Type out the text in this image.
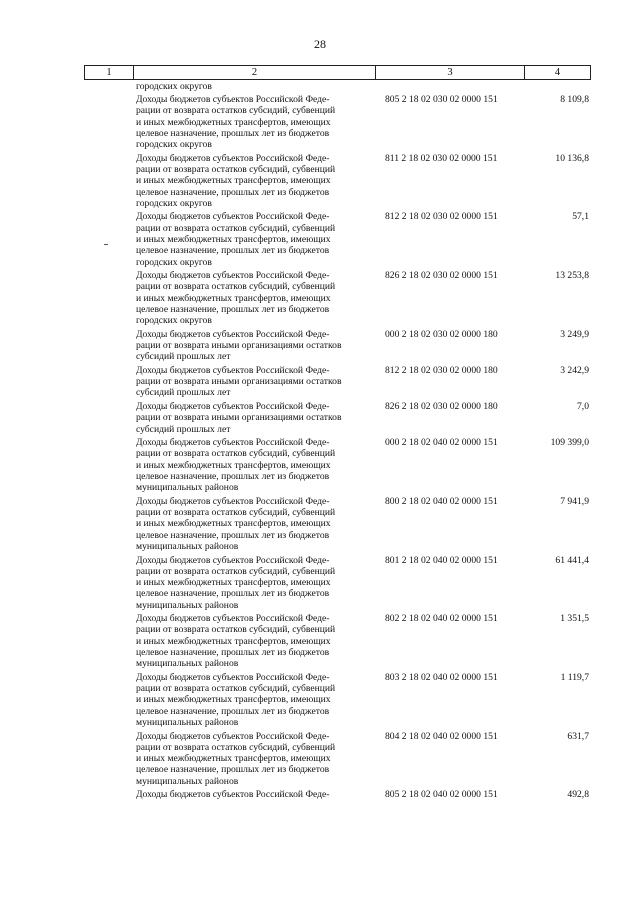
28
1	2	3	4
городских округов
Доходы бюджетов субъектов Российской Феде-
рации от возврата остатков субсидий, субвенций
и иных межбюджетных трансфертов, имеющих
целевое назначение, прошлых лет из бюджетов
городских округов
805 2 18 02 030 02 0000 151	8 109,8
Доходы бюджетов субъектов Российской Феде-
рации от возврата остатков субсидий, субвенций
и иных межбюджетных трансфертов, имеющих
целевое назначение, прошлых лет из бюджетов
городских округов
811 2 18 02 030 02 0000 151	10 136,8
Доходы бюджетов субъектов Российской Феде-
рации от возврата остатков субсидий, субвенций
и иных межбюджетных трансфертов, имеющих
целевое назначение, прошлых лет из бюджетов
городских округов
812 2 18 02 030 02 0000 151	57,1
Доходы бюджетов субъектов Российской Феде-
рации от возврата остатков субсидий, субвенций
и иных межбюджетных трансфертов, имеющих
целевое назначение, прошлых лет из бюджетов
городских округов
826 2 18 02 030 02 0000 151	13 253,8
Доходы бюджетов субъектов Российской Феде-
рации от возврата иными организациями остатков
субсидий прошлых лет
000 2 18 02 030 02 0000 180	3 249,9
Доходы бюджетов субъектов Российской Феде-
рации от возврата иными организациями остатков
субсидий прошлых лет
812 2 18 02 030 02 0000 180	3 242,9
Доходы бюджетов субъектов Российской Феде-
рации от возврата иными организациями остатков
субсидий прошлых лет
826 2 18 02 030 02 0000 180	7,0
Доходы бюджетов субъектов Российской Феде-
рации от возврата остатков субсидий, субвенций
и иных межбюджетных трансфертов, имеющих
целевое назначение, прошлых лет из бюджетов
муниципальных районов
000 2 18 02 040 02 0000 151	109 399,0
Доходы бюджетов субъектов Российской Феде-
рации от возврата остатков субсидий, субвенций
и иных межбюджетных трансфертов, имеющих
целевое назначение, прошлых лет из бюджетов
муниципальных районов
800 2 18 02 040 02 0000 151	7 941,9
Доходы бюджетов субъектов Российской Феде-
рации от возврата остатков субсидий, субвенций
и иных межбюджетных трансфертов, имеющих
целевое назначение, прошлых лет из бюджетов
муниципальных районов
801 2 18 02 040 02 0000 151	61 441,4
Доходы бюджетов субъектов Российской Феде-
рации от возврата остатков субсидий, субвенций
и иных межбюджетных трансфертов, имеющих
целевое назначение, прошлых лет из бюджетов
муниципальных районов
802 2 18 02 040 02 0000 151	1 351,5
Доходы бюджетов субъектов Российской Феде-
рации от возврата остатков субсидий, субвенций
и иных межбюджетных трансфертов, имеющих
целевое назначение, прошлых лет из бюджетов
муниципальных районов
803 2 18 02 040 02 0000 151	1 119,7
Доходы бюджетов субъектов Российской Феде-
рации от возврата остатков субсидий, субвенций
и иных межбюджетных трансфертов, имеющих
целевое назначение, прошлых лет из бюджетов
муниципальных районов
804 2 18 02 040 02 0000 151	631,7
Доходы бюджетов субъектов Российской Феде-	805 2 18 02 040 02 0000 151	492,8
